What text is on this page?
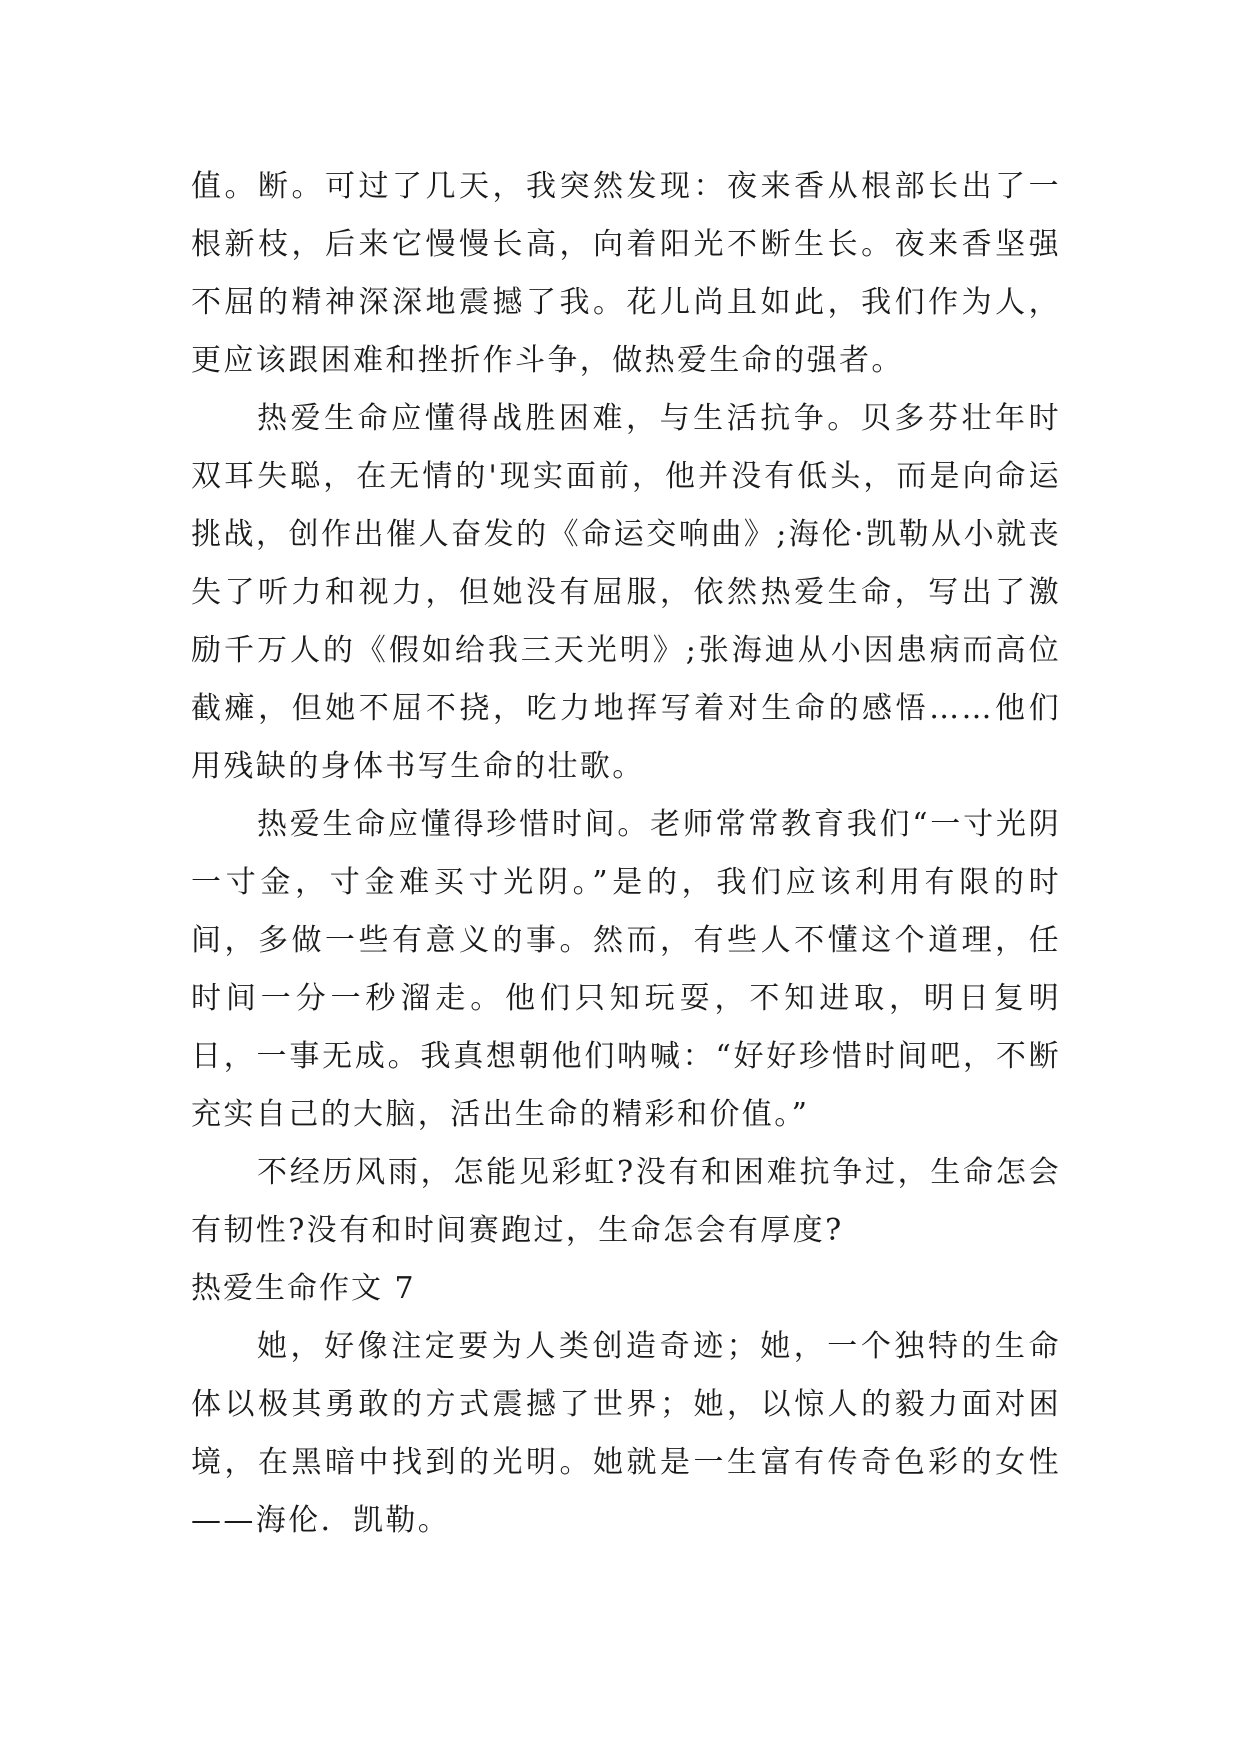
值。断。可过了几天，我突然发现：夜来香从根部长出了一根新枝，后来它慢慢长高，向着阳光不断生长。夜来香坚强不屈的精神深深地震撼了我。花儿尚且如此，我们作为人，更应该跟困难和挫折作斗争，做热爱生命的强者。

热爱生命应懂得战胜困难，与生活抗争。贝多芬壮年时双耳失聪，在无情的'现实面前，他并没有低头，而是向命运挑战，创作出催人奋发的《命运交响曲》;海伦·凯勒从小就丧失了听力和视力，但她没有屈服，依然热爱生命，写出了激励千万人的《假如给我三天光明》;张海迪从小因患病而高位截瘫，但她不屈不挠，吃力地挥写着对生命的感悟……他们用残缺的身体书写生命的壮歌。

热爱生命应懂得珍惜时间。老师常常教育我们“一寸光阴一寸金，寸金难买寸光阴。”是的，我们应该利用有限的时间，多做一些有意义的事。然而，有些人不懂这个道理，任时间一分一秒溜走。他们只知玩耍，不知进取，明日复明日，一事无成。我真想朝他们呐喊：“好好珍惜时间吧，不断充实自己的大脑，活出生命的精彩和价值。”

不经历风雨，怎能见彩虹?没有和困难抗争过，生命怎会有韧性?没有和时间赛跑过，生命怎会有厚度?

热爱生命作文 7

她，好像注定要为人类创造奇迹；她，一个独特的生命体以极其勇敢的方式震撼了世界；她，以惊人的毅力面对困境，在黑暗中找到的光明。她就是一生富有传奇色彩的女性——海伦．凯勒。
